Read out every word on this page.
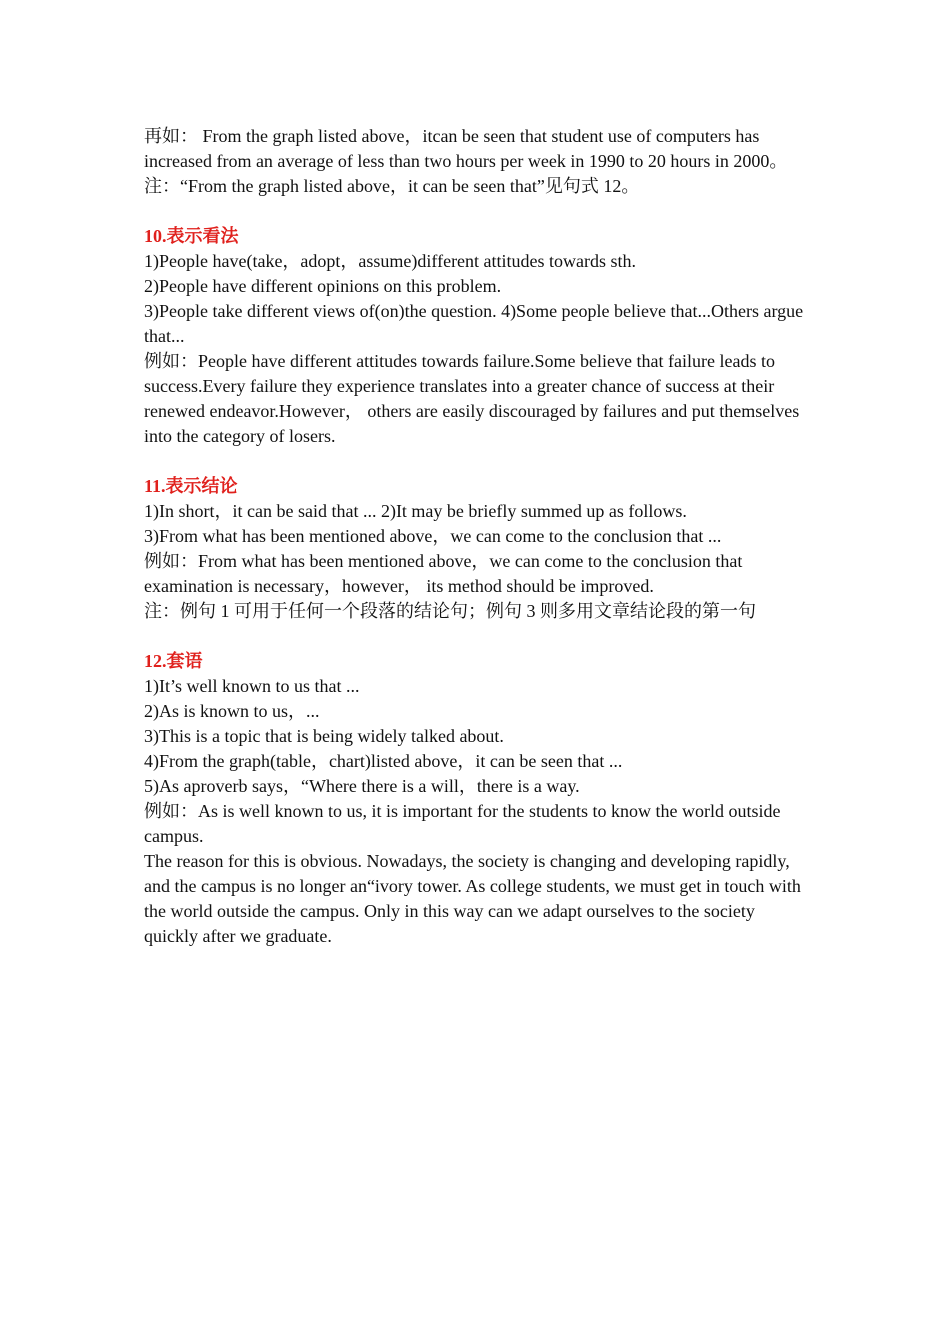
再如： From the graph listed above，itcan be seen that student use of computers has increased from an average of less than two hours per week in 1990 to 20 hours in 2000。

注：“From the graph listed above，it can be seen that”见句式 12。

10.表示看法

1)People have(take，adopt，assume)different attitudes towards sth.

2)People have different opinions on this problem.

3)People take different views of(on)the question. 4)Some people believe that...Others argue that...

例如：People have different attitudes towards failure.Some believe that failure leads to success.Every failure they experience translates into a greater chance of success at their renewed endeavor.However， others are easily discouraged by failures and put themselves into the category of losers.

11.表示结论

1)In short，it can be said that ... 2)It may be briefly summed up as follows.

3)From what has been mentioned above，we can come to the conclusion that ...

例如：From what has been mentioned above，we can come to the conclusion that examination is necessary，however， its method should be improved.

注：例句 1 可用于任何一个段落的结论句；例句 3 则多用文章结论段的第一句

12.套语

1)It’s well known to us that ...

2)As is known to us，...

3)This is a topic that is being widely talked about.

4)From the graph(table，chart)listed above，it can be seen that ...

5)As aproverb says，“Where there is a will，there is a way.

例如：As is well known to us, it is important for the students to know the world outside campus.

The reason for this is obvious. Nowadays, the society is changing and developing rapidly, and the campus is no longer an“ivory tower. As college students, we must get in touch with the world outside the campus. Only in this way can we adapt ourselves to the society quickly after we graduate.
